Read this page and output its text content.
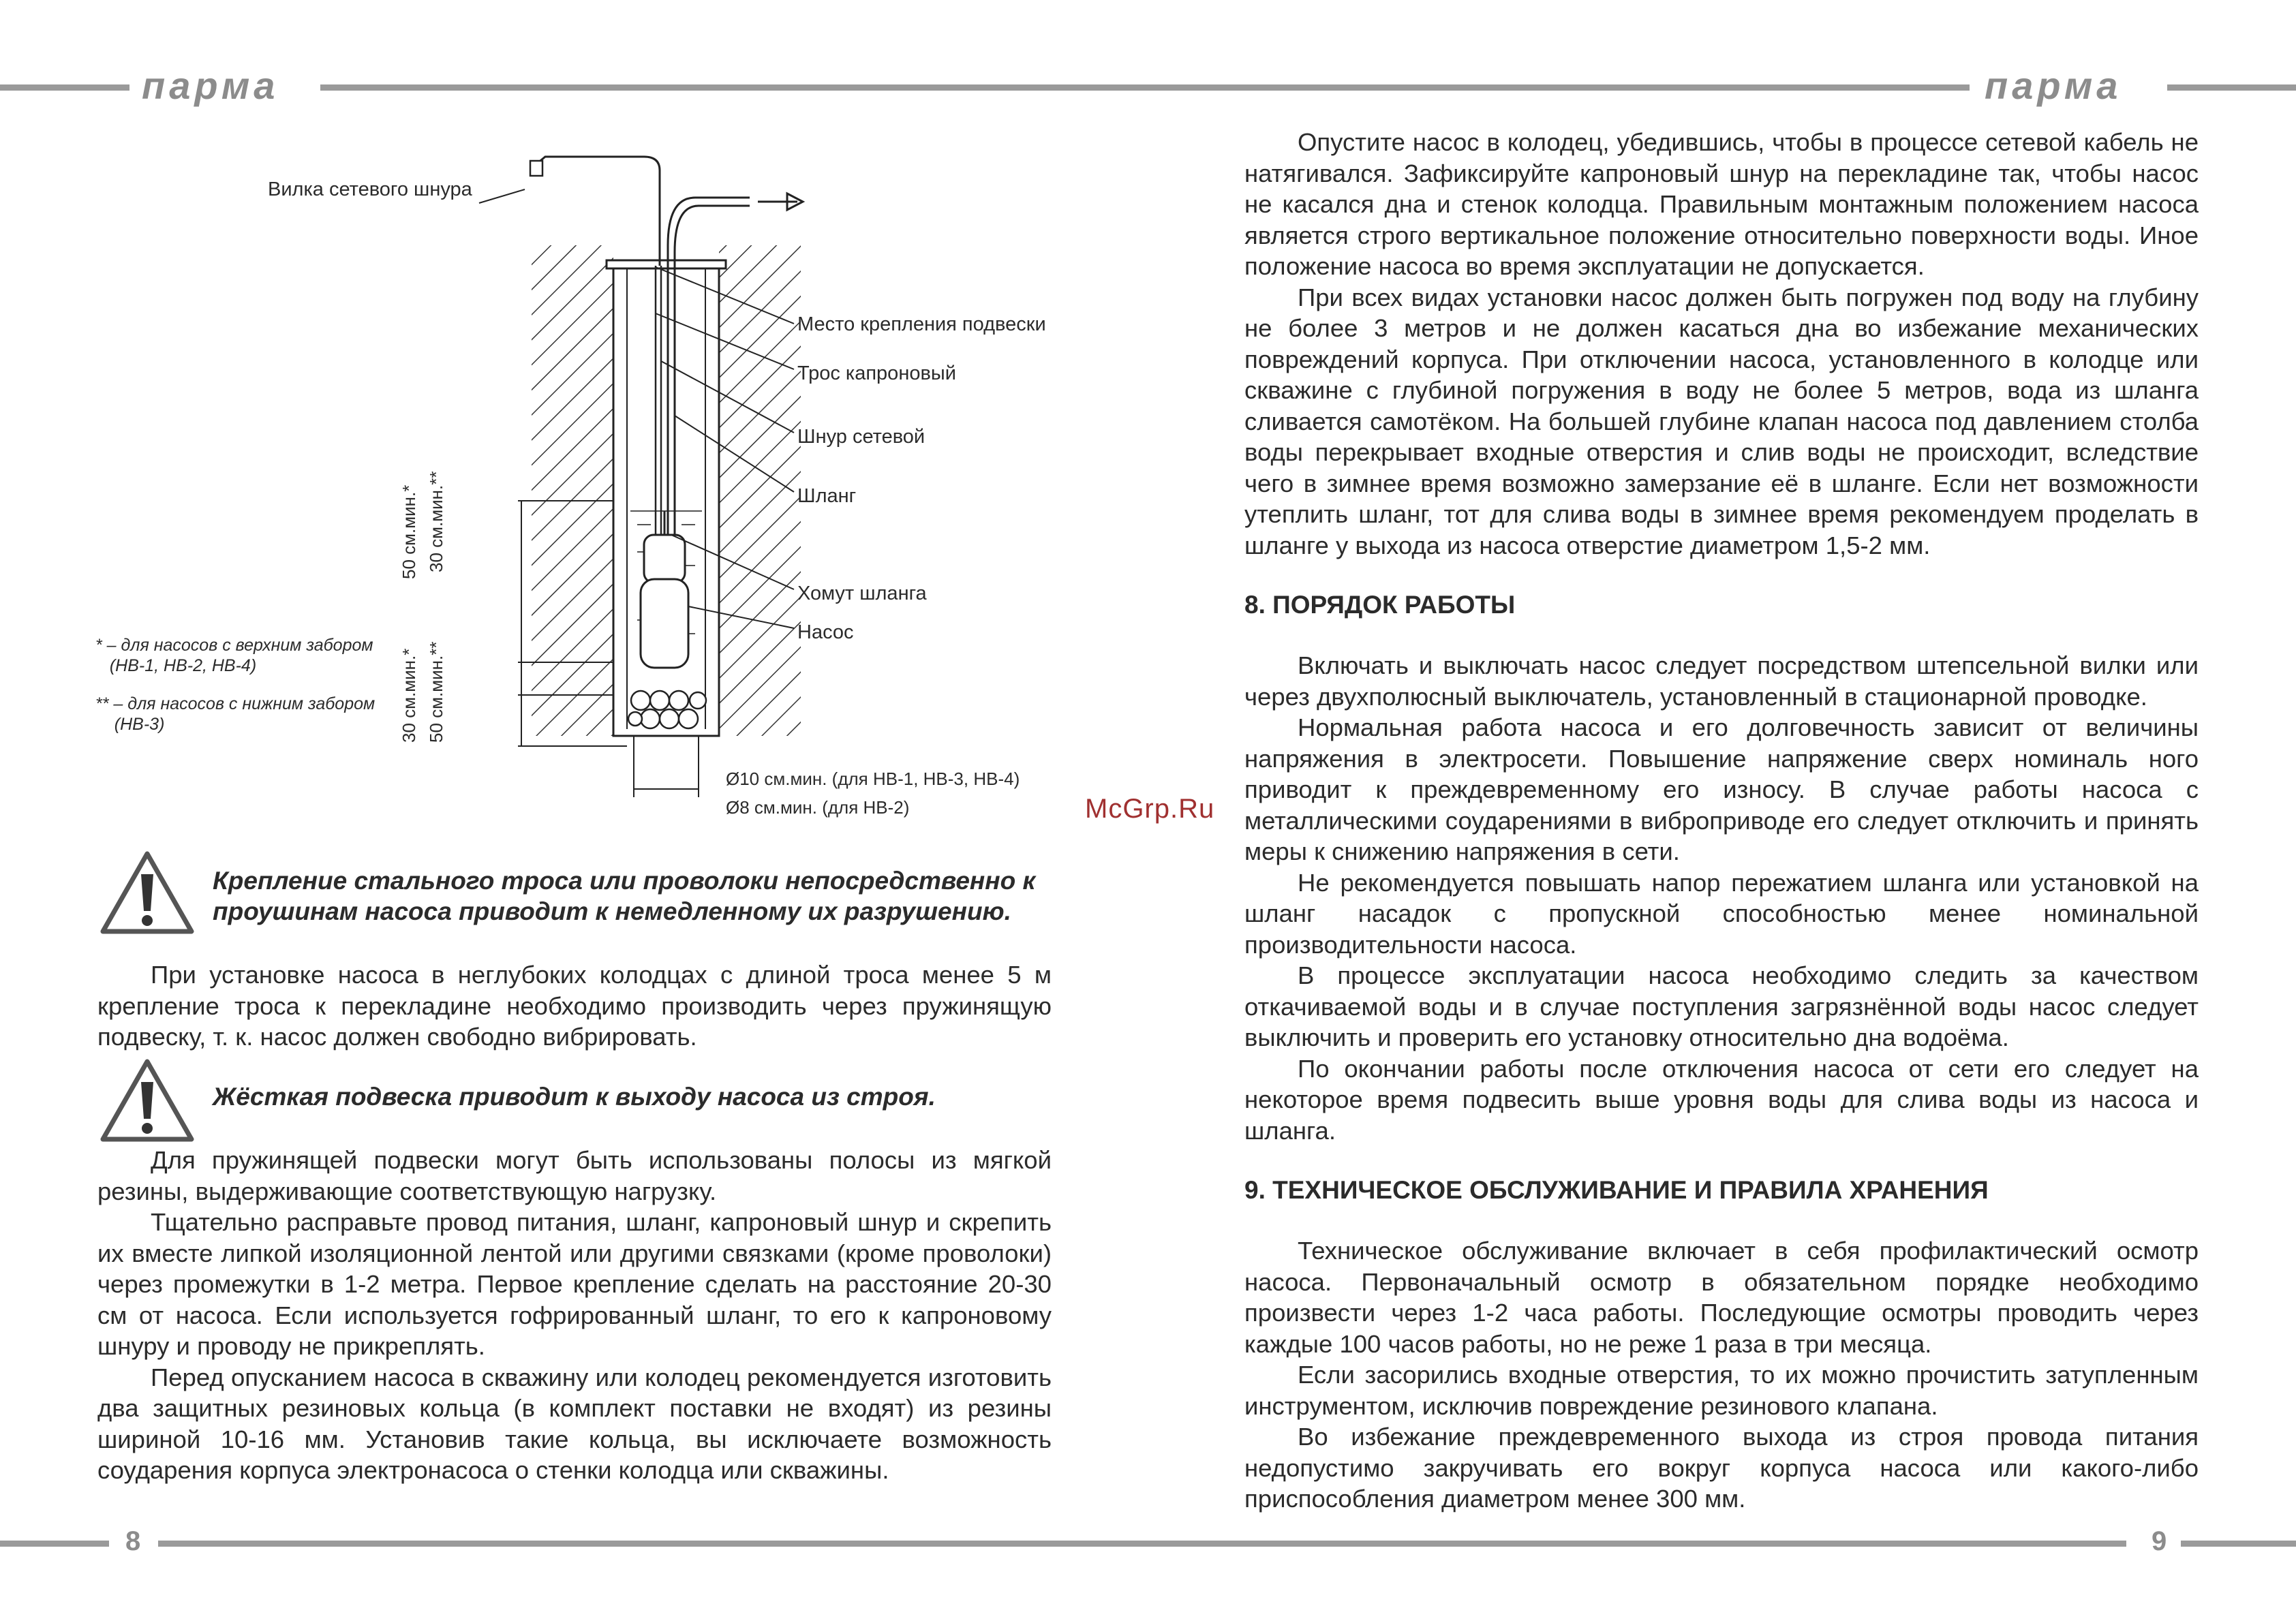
парма	парма
8	9
Вилка сетевого шнура
Место крепления подвески
Трос капроновый
Шнур сетевой
Шланг
Хомут шланга
Насос
50 см.мин.* 30 см.мин.**
30 см.мин.* 50 см.мин.**
Ø10 см.мин. (для НВ-1, НВ-3, НВ-4)
Ø8 см.мин. (для НВ-2)
* – для насосов с верхним забором
(НВ-1, НВ-2, НВ-4)
** – для насосов с нижним забором
(НВ-3)
McGrp.Ru
Крепление стального троса или проволоки непосредственно к проушинам насоса приводит к немедленному их разрушению.

При установке насоса в неглубоких колодцах с длиной троса менее 5 м крепление троса к перекладине необходимо производить через пружинящую подвеску, т. к. насос должен свободно вибрировать.

Жёсткая подвеска приводит к выходу насоса из строя.

Для пружинящей подвески могут быть использованы полосы из мягкой резины, выдерживающие соответствующую нагрузку.

Тщательно расправьте провод питания, шланг, капроновый шнур и скрепить их вместе липкой изоляционной лентой или другими связками (кроме проволоки) через промежутки в 1-2 метра. Первое крепление сделать на расстояние 20-30 см от насоса. Если используется гофрированный шланг, то его к капроновому шнуру и проводу не прикреплять.

Перед опусканием насоса в скважину или колодец рекомендуется изготовить два защитных резиновых кольца (в комплект поставки не входят) из резины шириной 10-16 мм. Установив такие кольца, вы исключаете возможность соударения корпуса электронасоса о стенки колодца или скважины.

Опустите насос в колодец, убедившись, чтобы в процессе сетевой кабель не натягивался. Зафиксируйте капроновый шнур на перекладине так, чтобы насос не касался дна и стенок колодца. Правильным монтажным положением насоса является строго вертикальное положение относительно поверхности воды. Иное положение насоса во время эксплуатации не допускается.

При всех видах установки насос должен быть погружен под воду на глубину не более 3 метров и не должен касаться дна во избежание механических повреждений корпуса. При отключении насоса, установленного в колодце или скважине с глубиной погружения в воду не более 5 метров, вода из шланга сливается самотёком. На большей глубине клапан насоса под давлением столба воды перекрывает входные отверстия и слив воды не происходит, вследствие чего в зимнее время возможно замерзание её в шланге. Если нет возможности утеплить шланг, тот для слива воды в зимнее время рекомендуем проделать в шланге у выхода из насоса отверстие диаметром 1,5-2 мм.

8. ПОРЯДОК РАБОТЫ

Включать и выключать насос следует посредством штепсельной вилки или через двухполюсный выключатель, установленный в стационарной проводке.

Нормальная работа насоса и его долговечность зависит от величины напряжения в электросети. Повышение напряжение сверх номиналь ного приводит к преждевременному его износу. В случае работы насоса с металлическими соударениями в виброприводе его следует отключить и принять меры к снижению напряжения в сети.

Не рекомендуется повышать напор пережатием шланга или установкой на шланг насадок с пропускной способностью менее номинальной производительности насоса.

В процессе эксплуатации насоса необходимо следить за качеством откачиваемой воды и в случае поступления загрязнённой воды насос следует выключить и проверить его установку относительно дна водоёма.

По окончании работы после отключения насоса от сети его следует на некоторое время подвесить выше уровня воды для слива воды из насоса и шланга.

9. ТЕХНИЧЕСКОЕ ОБСЛУЖИВАНИЕ И ПРАВИЛА ХРАНЕНИЯ

Техническое обслуживание включает в себя профилактический осмотр насоса. Первоначальный осмотр в обязательном порядке необходимо произвести через 1-2 часа работы. Последующие осмотры проводить через каждые 100 часов работы, но не реже 1 раза в три месяца.

Если засорились входные отверстия, то их можно прочистить затупленным инструментом, исключив повреждение резинового клапана.

Во избежание преждевременного выхода из строя провода питания недопустимо закручивать его вокруг корпуса насоса или какого-либо приспособления диаметром менее 300 мм.
